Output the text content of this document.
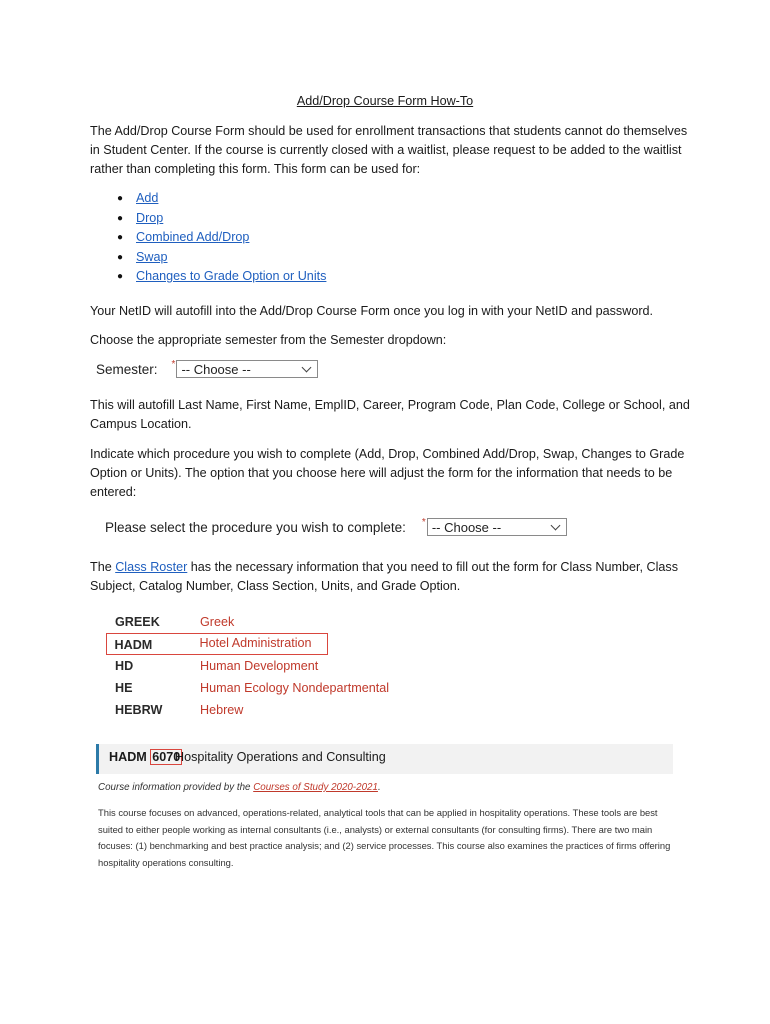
Add/Drop Course Form How-To

The Add/Drop Course Form should be used for enrollment transactions that students cannot do themselves in Student Center. If the course is currently closed with a waitlist, please request to be added to the waitlist rather than completing this form. This form can be used for:

● Add
● Drop
● Combined Add/Drop
● Swap
● Changes to Grade Option or Units

Your NetID will autofill into the Add/Drop Course Form once you log in with your NetID and password.

Choose the appropriate semester from the Semester dropdown:

Semester: * -- Choose --

This will autofill Last Name, First Name, EmplID, Career, Program Code, Plan Code, College or School, and Campus Location.

Indicate which procedure you wish to complete (Add, Drop, Combined Add/Drop, Swap, Changes to Grade Option or Units). The option that you choose here will adjust the form for the information that needs to be entered:

Please select the procedure you wish to complete: * -- Choose --

The Class Roster has the necessary information that you need to fill out the form for Class Number, Class Subject, Catalog Number, Class Section, Units, and Grade Option.

GREEK	Greek
HADM	Hotel Administration
HD	Human Development
HE	Human Ecology Nondepartmental
HEBRW	Hebrew
HADM 6070
Hospitality Operations and Consulting
Course information provided by the Courses of Study 2020-2021.
This course focuses on advanced, operations-related, analytical tools that can be applied in hospitality operations. These tools are best suited to either people working as internal consultants (i.e., analysts) or external consultants (for consulting firms). There are two main focuses: (1) benchmarking and best practice analysis; and (2) service processes. This course also examines the practices of firms offering hospitality operations consulting.
